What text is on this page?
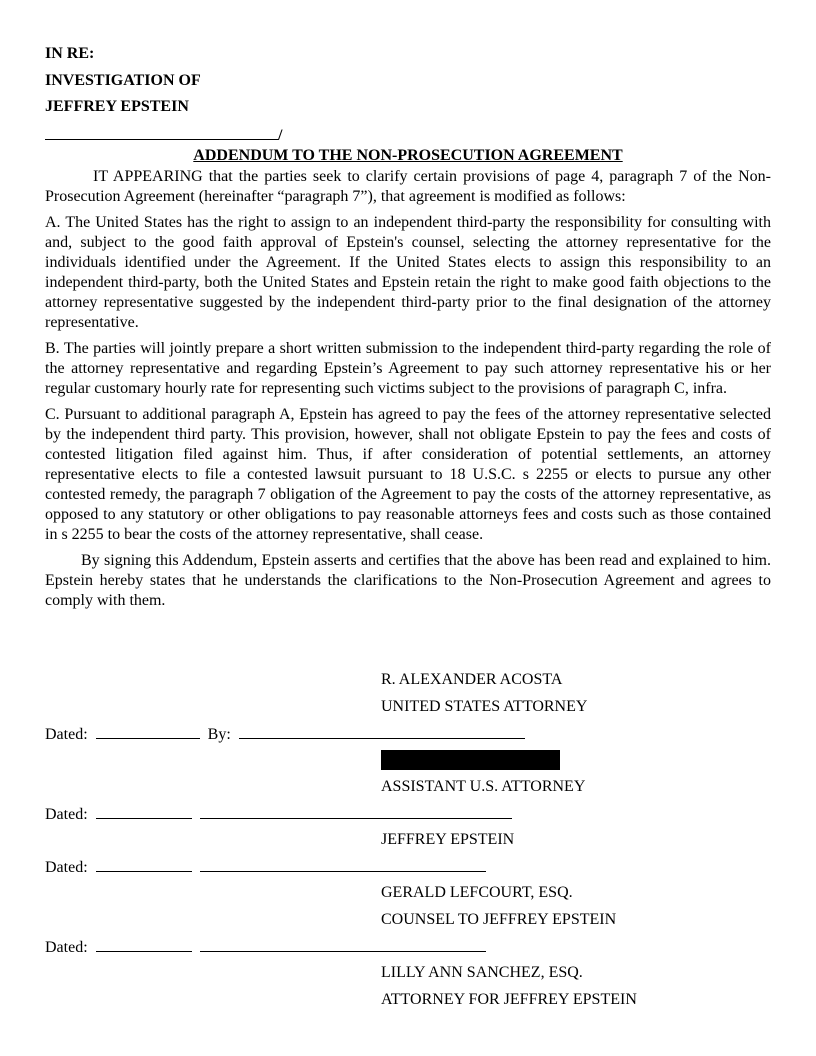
IN RE:
INVESTIGATION OF
JEFFREY EPSTEIN
/
ADDENDUM TO THE NON-PROSECUTION AGREEMENT

IT APPEARING that the parties seek to clarify certain provisions of page 4, paragraph 7 of the Non-Prosecution Agreement (hereinafter “paragraph 7”), that agreement is modified as follows:

A. The United States has the right to assign to an independent third-party the responsibility for consulting with and, subject to the good faith approval of Epstein's counsel, selecting the attorney representative for the individuals identified under the Agreement. If the United States elects to assign this responsibility to an independent third-party, both the United States and Epstein retain the right to make good faith objections to the attorney representative suggested by the independent third-party prior to the final designation of the attorney representative.

B. The parties will jointly prepare a short written submission to the independent third-party regarding the role of the attorney representative and regarding Epstein’s Agreement to pay such attorney representative his or her regular customary hourly rate for representing such victims subject to the provisions of paragraph C, infra.

C. Pursuant to additional paragraph A, Epstein has agreed to pay the fees of the attorney representative selected by the independent third party. This provision, however, shall not obligate Epstein to pay the fees and costs of contested litigation filed against him. Thus, if after consideration of potential settlements, an attorney representative elects to file a contested lawsuit pursuant to 18 U.S.C. s 2255 or elects to pursue any other contested remedy, the paragraph 7 obligation of the Agreement to pay the costs of the attorney representative, as opposed to any statutory or other obligations to pay reasonable attorneys fees and costs such as those contained in s 2255 to bear the costs of the attorney representative, shall cease.

By signing this Addendum, Epstein asserts and certifies that the above has been read and explained to him. Epstein hereby states that he understands the clarifications to the Non-Prosecution Agreement and agrees to comply with them.

R. ALEXANDER ACOSTA
UNITED STATES ATTORNEY
Dated:	By:
ASSISTANT U.S. ATTORNEY
Dated:
JEFFREY EPSTEIN
Dated:
GERALD LEFCOURT, ESQ.
COUNSEL TO JEFFREY EPSTEIN
Dated:
LILLY ANN SANCHEZ, ESQ.
ATTORNEY FOR JEFFREY EPSTEIN
